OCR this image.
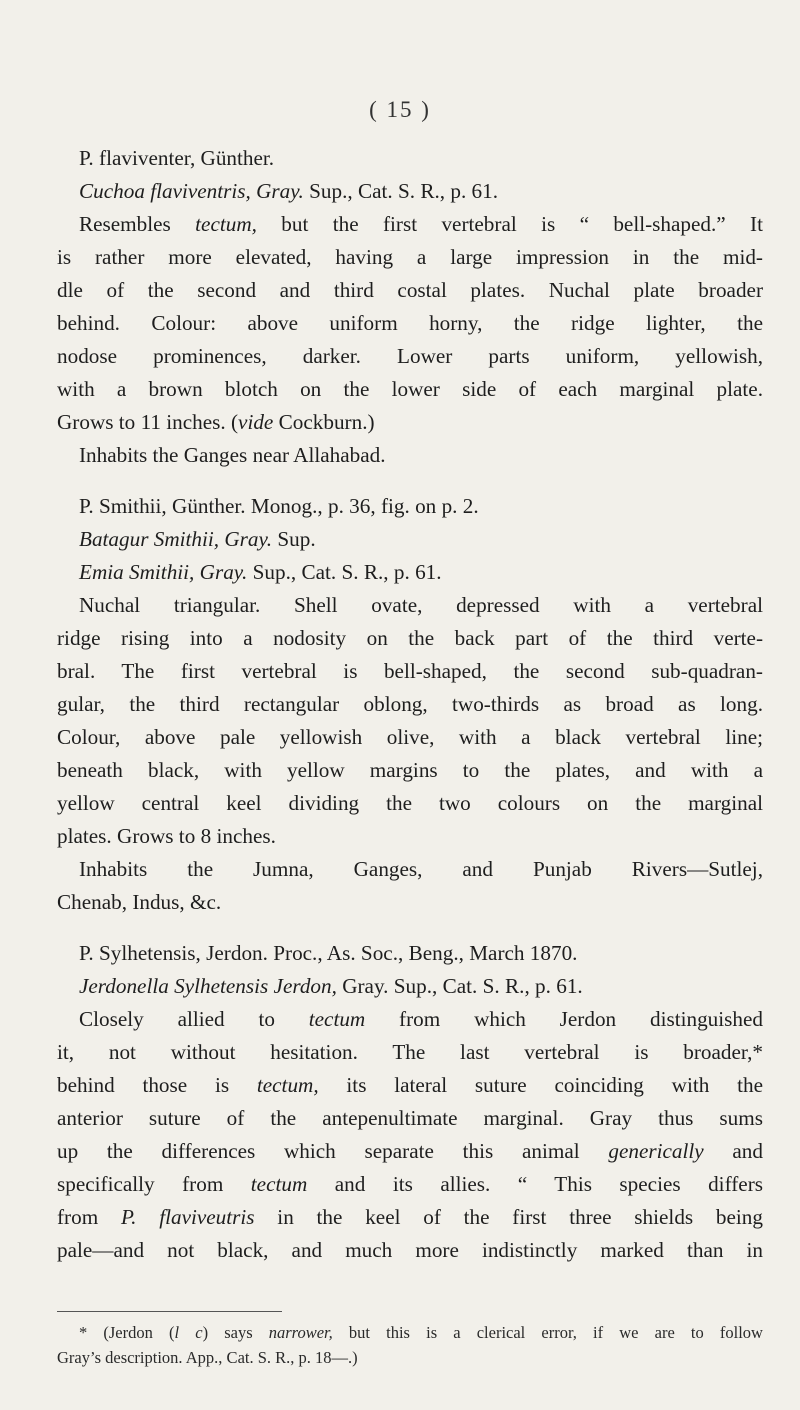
( 15 )

P. flaviventer, Günther.

Cuchoa flaviventris, Gray. Sup., Cat. S. R., p. 61.

Resembles tectum, but the first vertebral is “ bell-shaped.” It

is rather more elevated, having a large impression in the mid-

dle of the second and third costal plates. Nuchal plate broader

behind. Colour: above uniform horny, the ridge lighter, the

nodose prominences, darker. Lower parts uniform, yellowish,

with a brown blotch on the lower side of each marginal plate.

Grows to 11 inches. (vide Cockburn.)

Inhabits the Ganges near Allahabad.

P. Smithii, Günther. Monog., p. 36, fig. on p. 2.

Batagur Smithii, Gray. Sup.

Emia Smithii, Gray. Sup., Cat. S. R., p. 61.

Nuchal triangular. Shell ovate, depressed with a vertebral

ridge rising into a nodosity on the back part of the third verte-

bral. The first vertebral is bell-shaped, the second sub-quadran-

gular, the third rectangular oblong, two-thirds as broad as long.

Colour, above pale yellowish olive, with a black vertebral line;

beneath black, with yellow margins to the plates, and with a

yellow central keel dividing the two colours on the marginal

plates. Grows to 8 inches.

Inhabits the Jumna, Ganges, and Punjab Rivers—Sutlej,

Chenab, Indus, &c.

P. Sylhetensis, Jerdon. Proc., As. Soc., Beng., March 1870.

Jerdonella Sylhetensis Jerdon, Gray. Sup., Cat. S. R., p. 61.

Closely allied to tectum from which Jerdon distinguished

it, not without hesitation. The last vertebral is broader,*

behind those is tectum, its lateral suture coinciding with the

anterior suture of the antepenultimate marginal. Gray thus sums

up the differences which separate this animal generically and

specifically from tectum and its allies. “ This species differs

from P. flaviveutris in the keel of the first three shields being

pale—and not black, and much more indistinctly marked than in

* (Jerdon (l c) says narrower, but this is a clerical error, if we are to follow

Gray’s description. App., Cat. S. R., p. 18—.)
